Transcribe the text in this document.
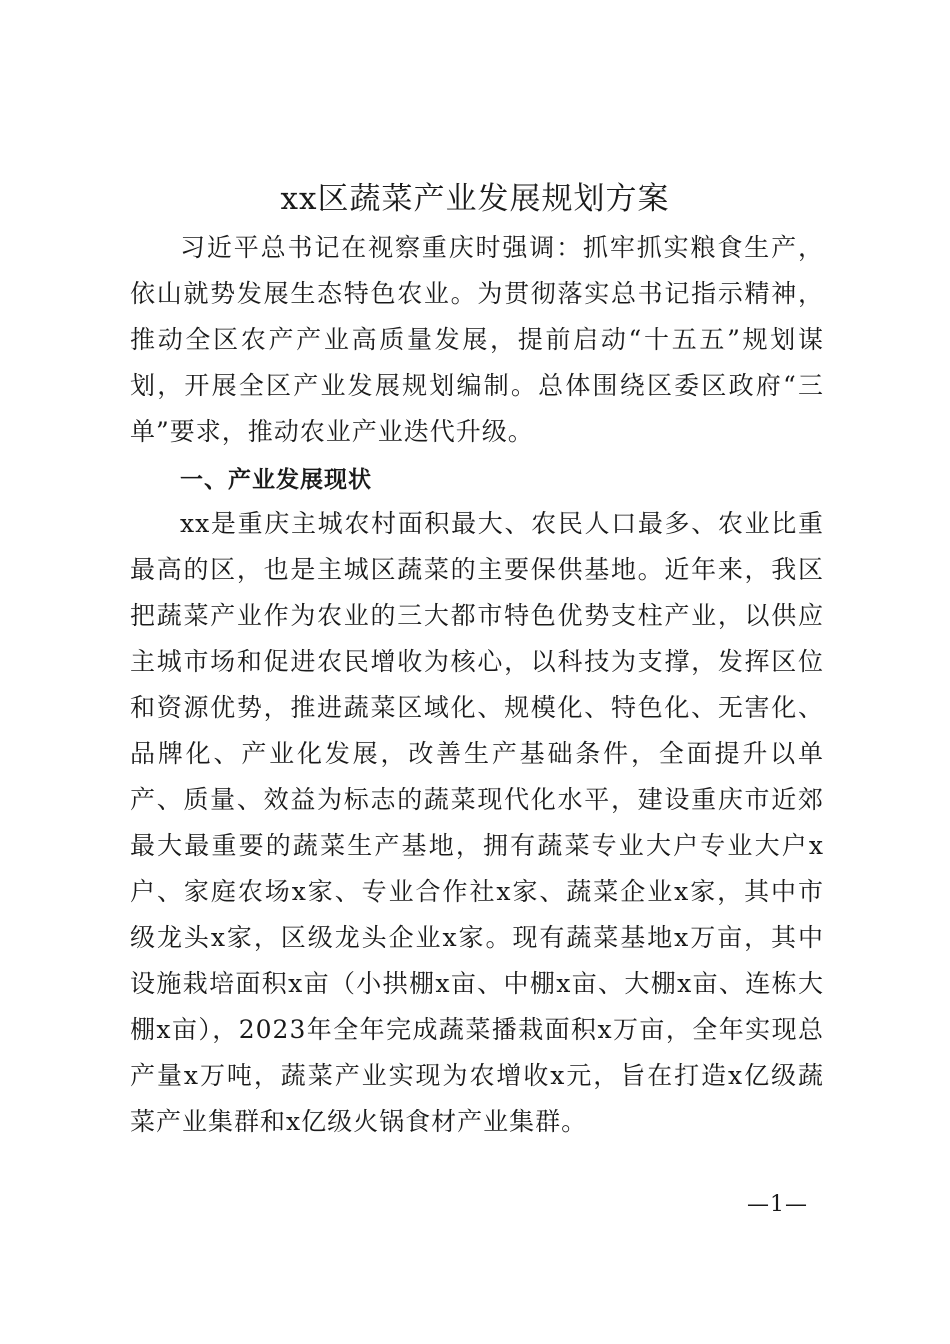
xx区蔬菜产业发展规划方案

习近平总书记在视察重庆时强调：抓牢抓实粮食生产，依山就势发展生态特色农业。为贯彻落实总书记指示精神，推动全区农产产业高质量发展，提前启动“十五五”规划谋划，开展全区产业发展规划编制。总体围绕区委区政府“三单”要求，推动农业产业迭代升级。

一、产业发展现状

xx是重庆主城农村面积最大、农民人口最多、农业比重最高的区，也是主城区蔬菜的主要保供基地。近年来，我区把蔬菜产业作为农业的三大都市特色优势支柱产业，以供应主城市场和促进农民增收为核心，以科技为支撑，发挥区位和资源优势，推进蔬菜区域化、规模化、特色化、无害化、品牌化、产业化发展，改善生产基础条件，全面提升以单产、质量、效益为标志的蔬菜现代化水平，建设重庆市近郊最大最重要的蔬菜生产基地，拥有蔬菜专业大户专业大户x户、家庭农场x家、专业合作社x家、蔬菜企业x家，其中市级龙头x家，区级龙头企业x家。现有蔬菜基地x万亩，其中设施栽培面积x亩（小拱棚x亩、中棚x亩、大棚x亩、连栋大棚x亩），2023年全年完成蔬菜播栽面积x万亩，全年实现总产量x万吨，蔬菜产业实现为农增收x元，旨在打造x亿级蔬菜产业集群和x亿级火锅食材产业集群。

—1—
